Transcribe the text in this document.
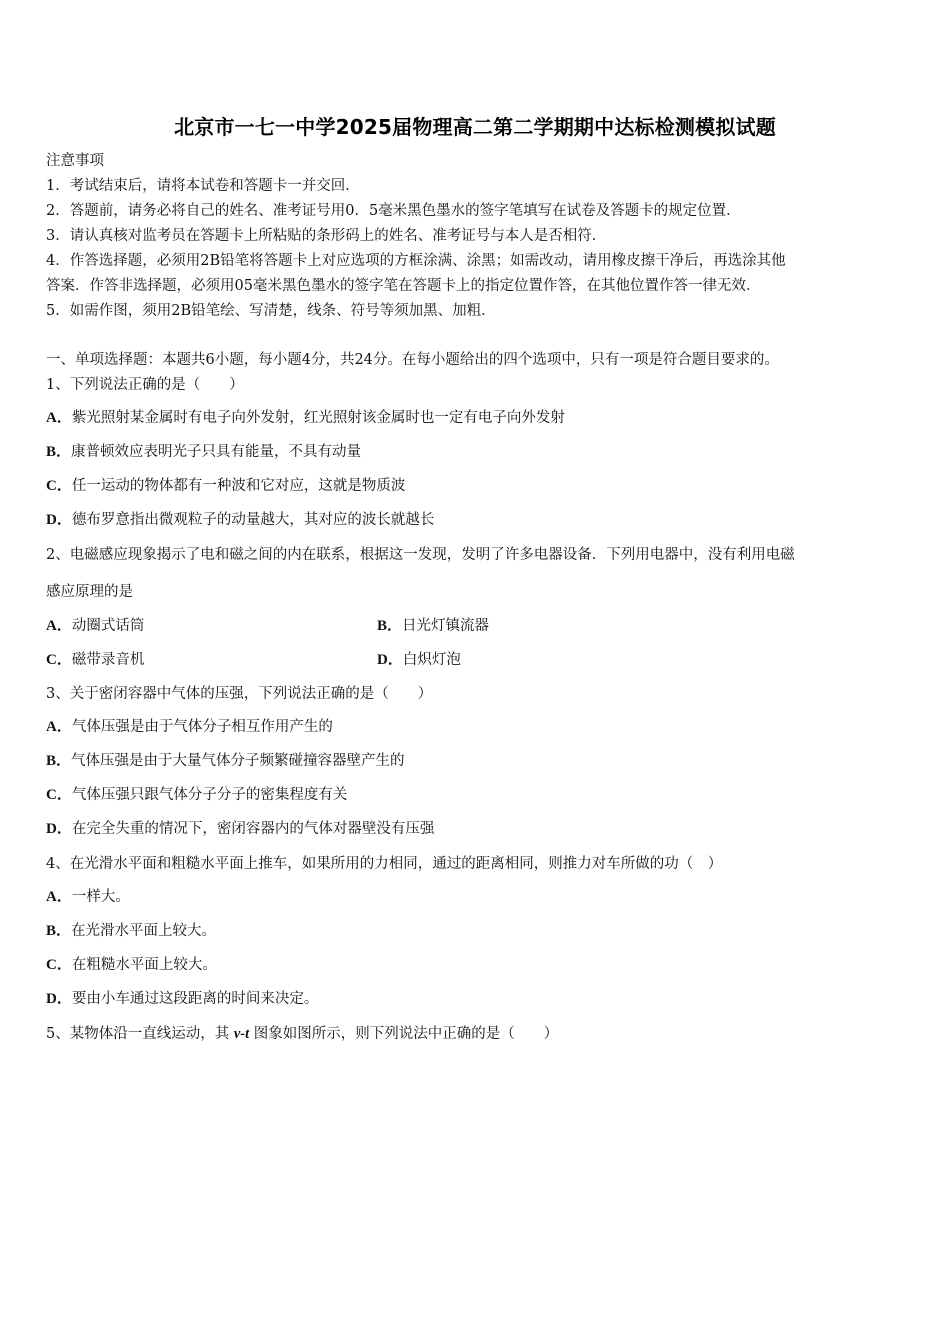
北京市一七一中学2025届物理高二第二学期期中达标检测模拟试题
注意事项
1．考试结束后，请将本试卷和答题卡一并交回．
2．答题前，请务必将自己的姓名、准考证号用0．5毫米黑色墨水的签字笔填写在试卷及答题卡的规定位置．
3．请认真核对监考员在答题卡上所粘贴的条形码上的姓名、准考证号与本人是否相符．
4．作答选择题，必须用2B铅笔将答题卡上对应选项的方框涂满、涂黑；如需改动，请用橡皮擦干净后，再选涂其他
答案．作答非选择题，必须用05毫米黑色墨水的签字笔在答题卡上的指定位置作答，在其他位置作答一律无效．
5．如需作图，须用2B铅笔绘、写清楚，线条、符号等须加黑、加粗．
一、单项选择题：本题共6小题，每小题4分，共24分。在每小题给出的四个选项中，只有一项是符合题目要求的。
1、下列说法正确的是（　　）
A．紫光照射某金属时有电子向外发射，红光照射该金属时也一定有电子向外发射
B．康普顿效应表明光子只具有能量，不具有动量
C．任一运动的物体都有一种波和它对应，这就是物质波
D．德布罗意指出微观粒子的动量越大，其对应的波长就越长
2、电磁感应现象揭示了电和磁之间的内在联系，根据这一发现，发明了许多电器设备．下列用电器中，没有利用电磁
感应原理的是
A．动圈式话筒	B．日光灯镇流器
C．磁带录音机	D．白炽灯泡
3、关于密闭容器中气体的压强，下列说法正确的是（　　）
A．气体压强是由于气体分子相互作用产生的
B．气体压强是由于大量气体分子频繁碰撞容器壁产生的
C．气体压强只跟气体分子分子的密集程度有关
D．在完全失重的情况下，密闭容器内的气体对器壁没有压强
4、在光滑水平面和粗糙水平面上推车，如果所用的力相同，通过的距离相同，则推力对车所做的功（　）
A．一样大。
B．在光滑水平面上较大。
C．在粗糙水平面上较大。
D．要由小车通过这段距离的时间来决定。
5、某物体沿一直线运动，其 v-t 图象如图所示，则下列说法中正确的是（　　）
